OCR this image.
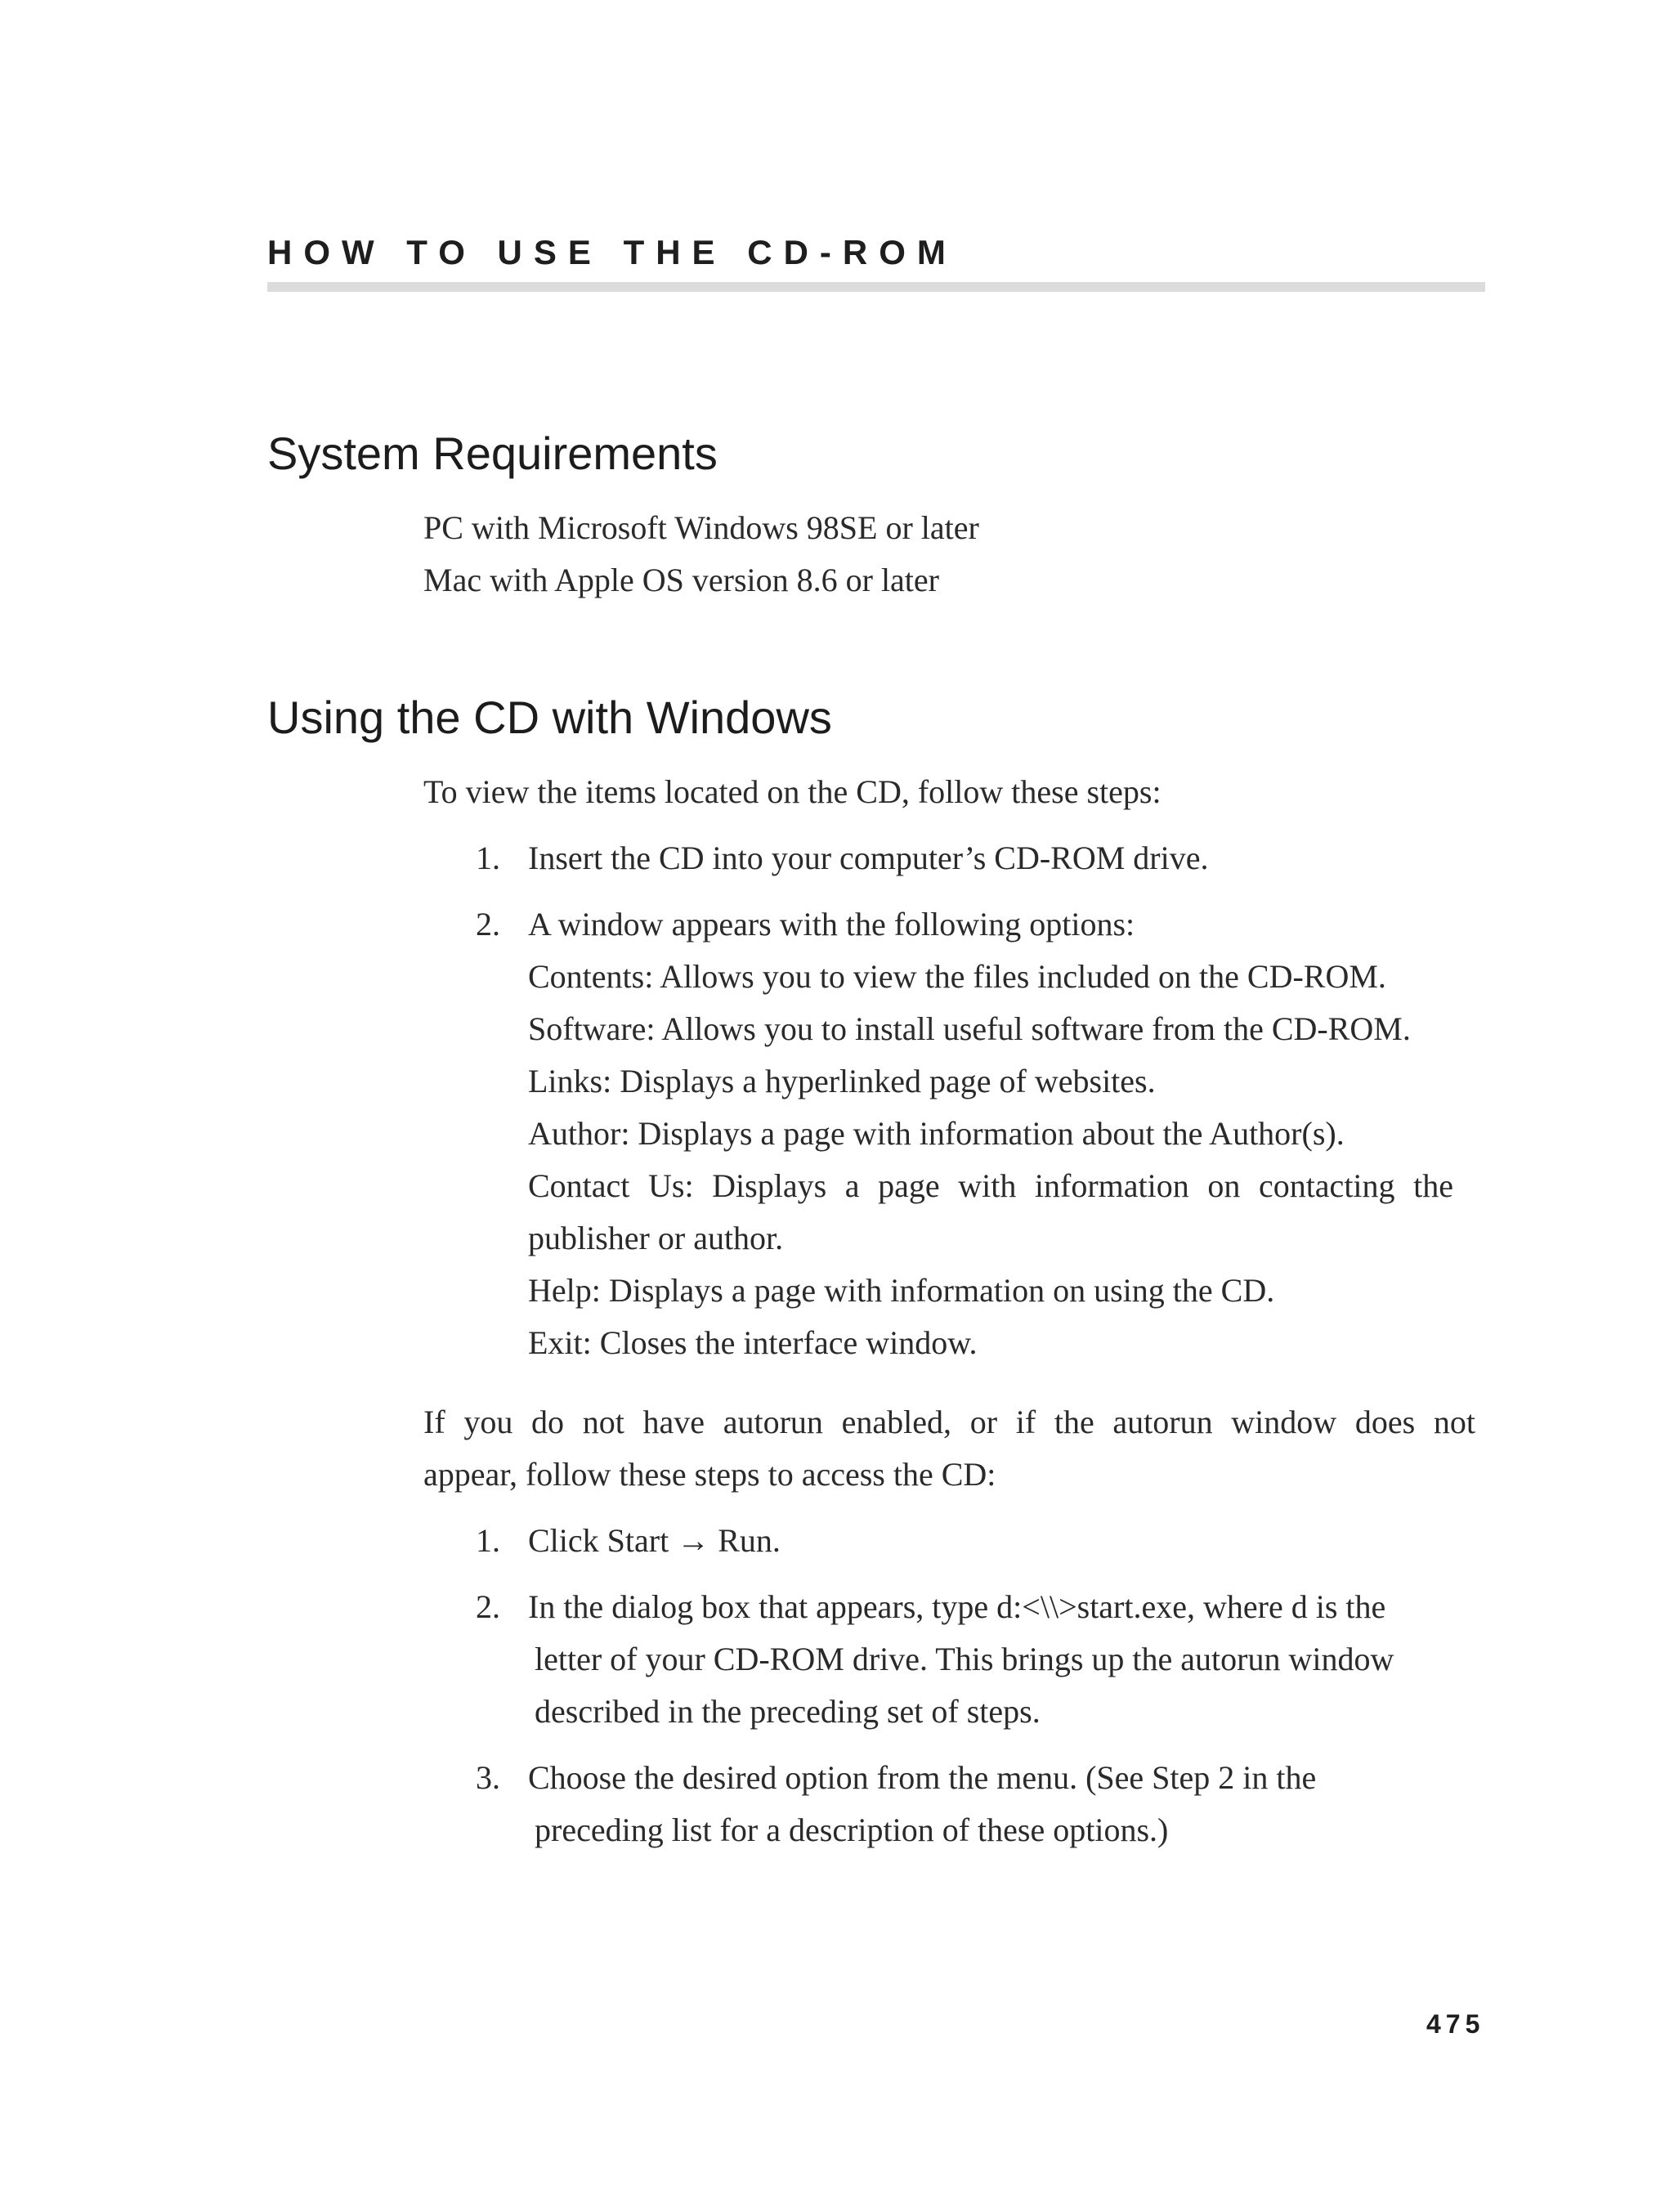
HOW TO USE THE CD-ROM
System Requirements
PC with Microsoft Windows 98SE or later
Mac with Apple OS version 8.6 or later
Using the CD with Windows
To view the items located on the CD, follow these steps:
1. Insert the CD into your computer’s CD-ROM drive.
2. A window appears with the following options:
Contents: Allows you to view the files included on the CD-ROM.
Software: Allows you to install useful software from the CD-ROM.
Links: Displays a hyperlinked page of websites.
Author: Displays a page with information about the Author(s).
Contact Us: Displays a page with information on contacting the
publisher or author.
Help: Displays a page with information on using the CD.
Exit: Closes the interface window.
If you do not have autorun enabled, or if the autorun window does not
appear, follow these steps to access the CD:
1. Click Start → Run.
2. In the dialog box that appears, type d:<\\>start.exe, where d is the
letter of your CD-ROM drive. This brings up the autorun window
described in the preceding set of steps.
3. Choose the desired option from the menu. (See Step 2 in the
preceding list for a description of these options.)
475
